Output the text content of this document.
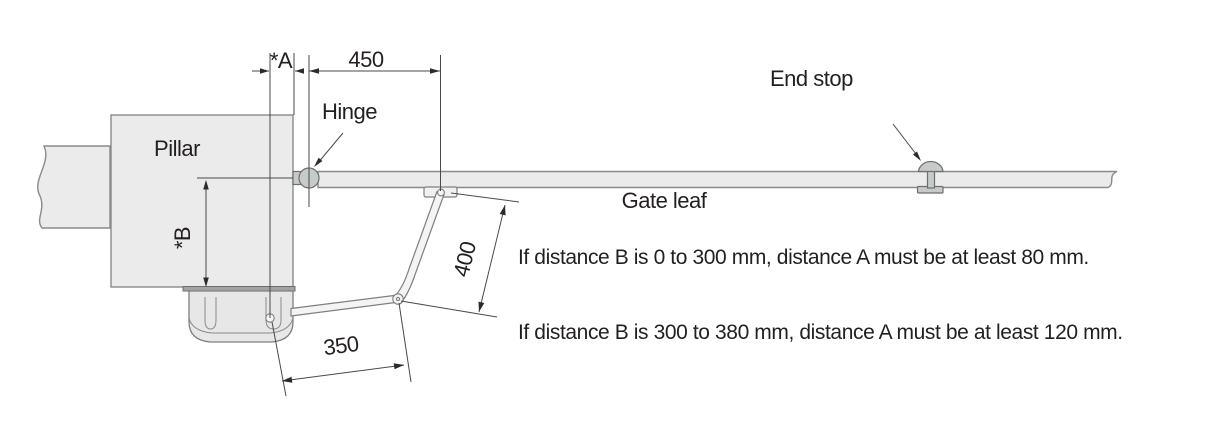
*A	450
Hinge
Pillar
*B
400
350
Gate leaf
End stop
If distance B is 0 to 300 mm, distance A must be at least 80 mm.
If distance B is 300 to 380 mm, distance A must be at least 120 mm.
